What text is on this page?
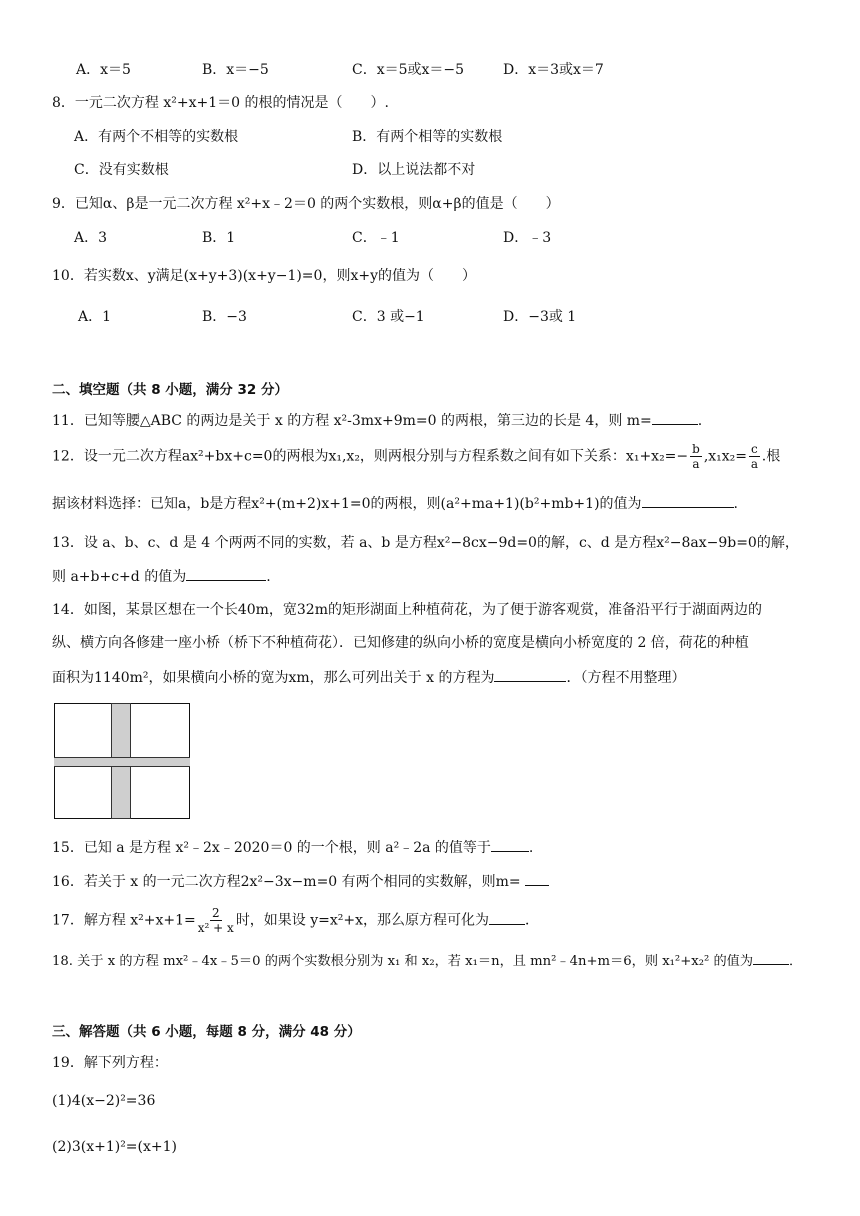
A．x＝5	B．x＝−5	C．x＝5或x＝−5	D．x＝3或x＝7
8．一元二次方程 x²+x+1＝0 的根的情况是（　　）.
A．有两个不相等的实数根	B．有两个相等的实数根
C．没有实数根	D．以上说法都不对
9．已知α、β是一元二次方程 x²+x﹣2＝0 的两个实数根，则α+β的值是（　　）
A．3	B．1	C．﹣1	D．﹣3
10．若实数x、y满足(x+y+3)(x+y−1)=0，则x+y的值为（　　）
A．1	B．−3	C．3 或−1	D．−3或 1
二、填空题（共 8 小题，满分 32 分）
11．已知等腰△ABC 的两边是关于 x 的方程 x²-3mx+9m=0 的两根，第三边的长是 4，则 m=	.
12．设一元二次方程ax²+bx+c=0的两根为x₁,x₂，则两根分别与方程系数之间有如下关系：$x_1+x_2=- \frac{b}{a} ,x_1x_2= \frac{c}{a}$ .根
据该材料选择：已知a，b是方程x²+(m+2)x+1=0的两根，则(a²+ma+1)(b²+mb+1)的值为	.
13．设 a、b、c、d 是 4 个两两不同的实数，若 a、b 是方程x²−8cx−9d=0的解，c、d 是方程x²−8ax−9b=0的解，
则 a+b+c+d 的值为	.
14．如图，某景区想在一个长40m，宽32m的矩形湖面上种植荷花，为了便于游客观赏，准备沿平行于湖面两边的
纵、横方向各修建一座小桥（桥下不种植荷花）．已知修建的纵向小桥的宽度是横向小桥宽度的 2 倍，荷花的种植
面积为1140m²，如果横向小桥的宽为xm，那么可列出关于 x 的方程为	．（方程不用整理）
15．已知 a 是方程 x²﹣2x﹣2020＝0 的一个根，则 a²﹣2a 的值等于	.
16．若关于 x 的一元二次方程2x²−3x−m=0 有两个相同的实数解，则m=
17．解方程 $x^2+x+1= \frac{2}{\text{x² + x}}$ 时，如果设 y=x²+x，那么原方程可化为	．
18. 关于 x 的方程 mx²﹣4x﹣5＝0 的两个实数根分别为 x₁ 和 x₂，若 x₁＝n，且 mn²﹣4n+m＝6，则 x₁²+x₂² 的值为	．
三、解答题（共 6 小题，每题 8 分，满分 48 分）
19．解下列方程：
(1)4(x−2)²=36
(2)3(x+1)²=(x+1)
